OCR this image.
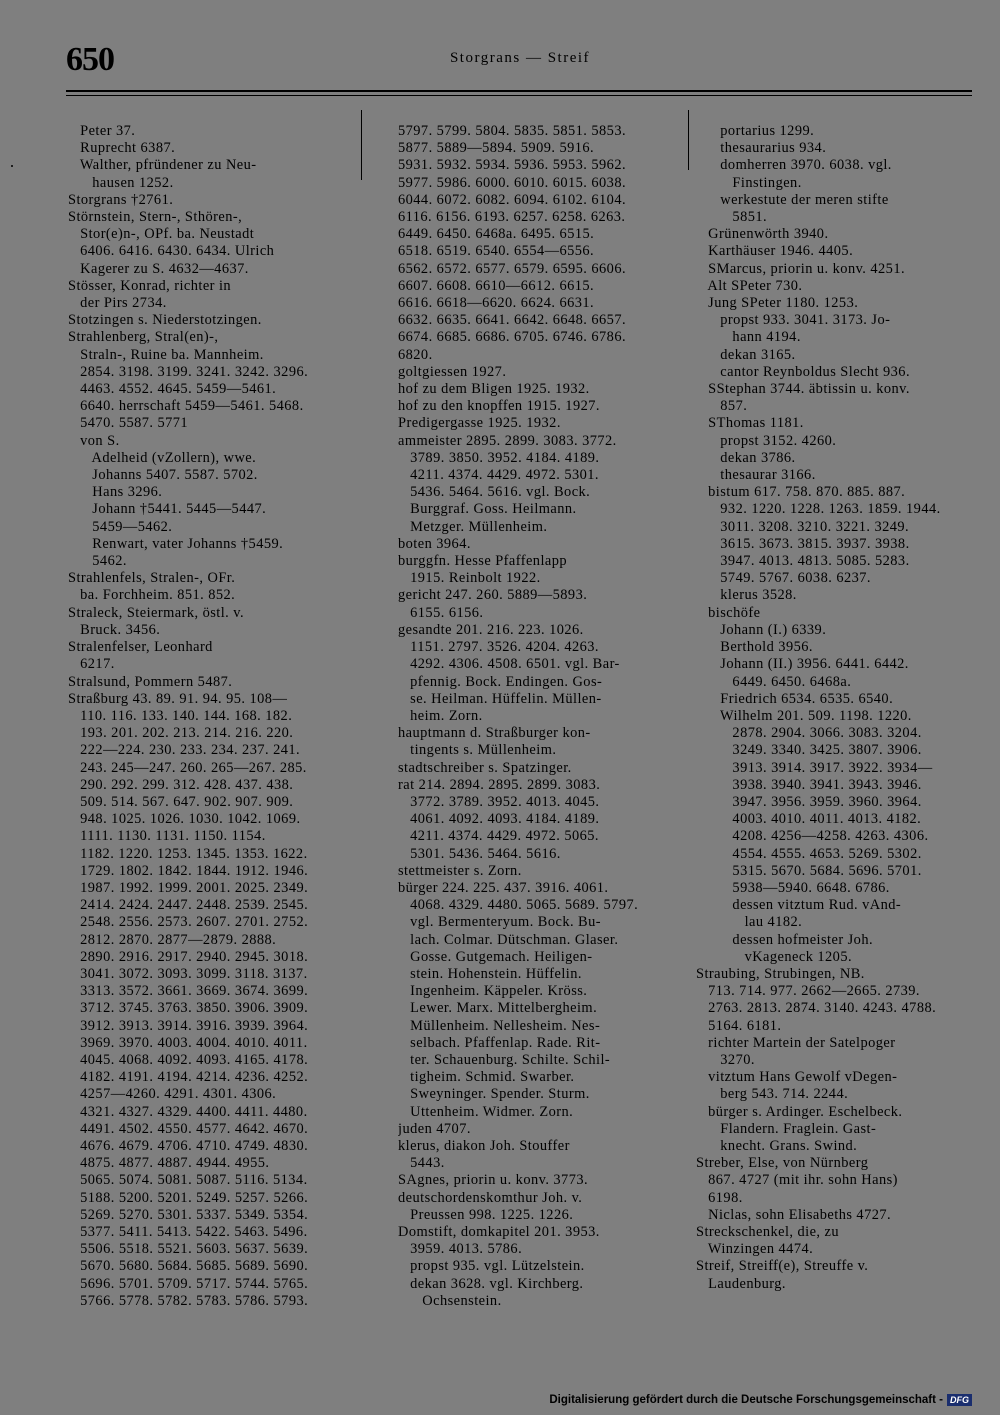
650	Storgrans — Streif
Peter 37.
Ruprecht 6387.
Walther, pfründener zu Neu-
hausen 1252.
Storgrans †2761.
Störnstein, Stern-, Sthören-,
Stor(e)n-, OPf. ba. Neustadt
6406. 6416. 6430. 6434. Ulrich
Kagerer zu S. 4632—4637.
Stösser, Konrad, richter in
der Pirs 2734.
Stotzingen s. Niederstotzingen.
Strahlenberg, Stral(en)-,
Straln-, Ruine ba. Mannheim.
2854. 3198. 3199. 3241. 3242. 3296.
4463. 4552. 4645. 5459—5461.
6640. herrschaft 5459—5461. 5468.
5470. 5587. 5771
von S.
Adelheid (vZollern), wwe.
Johanns 5407. 5587. 5702.
Hans 3296.
Johann †5441. 5445—5447.
5459—5462.
Renwart, vater Johanns †5459.
5462.
Strahlenfels, Stralen-, OFr.
ba. Forchheim. 851. 852.
Straleck, Steiermark, östl. v.
Bruck. 3456.
Stralenfelser, Leonhard
6217.
Stralsund, Pommern 5487.
Straßburg 43. 89. 91. 94. 95. 108—
110. 116. 133. 140. 144. 168. 182.
193. 201. 202. 213. 214. 216. 220.
222—224. 230. 233. 234. 237. 241.
243. 245—247. 260. 265—267. 285.
290. 292. 299. 312. 428. 437. 438.
509. 514. 567. 647. 902. 907. 909.
948. 1025. 1026. 1030. 1042. 1069.
1111. 1130. 1131. 1150. 1154.
1182. 1220. 1253. 1345. 1353. 1622.
1729. 1802. 1842. 1844. 1912. 1946.
1987. 1992. 1999. 2001. 2025. 2349.
2414. 2424. 2447. 2448. 2539. 2545.
2548. 2556. 2573. 2607. 2701. 2752.
2812. 2870. 2877—2879. 2888.
2890. 2916. 2917. 2940. 2945. 3018.
3041. 3072. 3093. 3099. 3118. 3137.
3313. 3572. 3661. 3669. 3674. 3699.
3712. 3745. 3763. 3850. 3906. 3909.
3912. 3913. 3914. 3916. 3939. 3964.
3969. 3970. 4003. 4004. 4010. 4011.
4045. 4068. 4092. 4093. 4165. 4178.
4182. 4191. 4194. 4214. 4236. 4252.
4257—4260. 4291. 4301. 4306.
4321. 4327. 4329. 4400. 4411. 4480.
4491. 4502. 4550. 4577. 4642. 4670.
4676. 4679. 4706. 4710. 4749. 4830.
4875. 4877. 4887. 4944. 4955.
5065. 5074. 5081. 5087. 5116. 5134.
5188. 5200. 5201. 5249. 5257. 5266.
5269. 5270. 5301. 5337. 5349. 5354.
5377. 5411. 5413. 5422. 5463. 5496.
5506. 5518. 5521. 5603. 5637. 5639.
5670. 5680. 5684. 5685. 5689. 5690.
5696. 5701. 5709. 5717. 5744. 5765.
5766. 5778. 5782. 5783. 5786. 5793.
5797. 5799. 5804. 5835. 5851. 5853.
5877. 5889—5894. 5909. 5916.
5931. 5932. 5934. 5936. 5953. 5962.
5977. 5986. 6000. 6010. 6015. 6038.
6044. 6072. 6082. 6094. 6102. 6104.
6116. 6156. 6193. 6257. 6258. 6263.
6449. 6450. 6468a. 6495. 6515.
6518. 6519. 6540. 6554—6556.
6562. 6572. 6577. 6579. 6595. 6606.
6607. 6608. 6610—6612. 6615.
6616. 6618—6620. 6624. 6631.
6632. 6635. 6641. 6642. 6648. 6657.
6674. 6685. 6686. 6705. 6746. 6786.
6820.
goltgiessen 1927.
hof zu dem Bligen 1925. 1932.
hof zu den knopffen 1915. 1927.
Predigergasse 1925. 1932.
ammeister 2895. 2899. 3083. 3772.
3789. 3850. 3952. 4184. 4189.
4211. 4374. 4429. 4972. 5301.
5436. 5464. 5616. vgl. Bock.
Burggraf. Goss. Heilmann.
Metzger. Müllenheim.
boten 3964.
burggfn. Hesse Pfaffenlapp
1915. Reinbolt 1922.
gericht 247. 260. 5889—5893.
6155. 6156.
gesandte 201. 216. 223. 1026.
1151. 2797. 3526. 4204. 4263.
4292. 4306. 4508. 6501. vgl. Bar-
pfennig. Bock. Endingen. Gos-
se. Heilman. Hüffelin. Müllen-
heim. Zorn.
hauptmann d. Straßburger kon-
tingents s. Müllenheim.
stadtschreiber s. Spatzinger.
rat 214. 2894. 2895. 2899. 3083.
3772. 3789. 3952. 4013. 4045.
4061. 4092. 4093. 4184. 4189.
4211. 4374. 4429. 4972. 5065.
5301. 5436. 5464. 5616.
stettmeister s. Zorn.
bürger 224. 225. 437. 3916. 4061.
4068. 4329. 4480. 5065. 5689. 5797.
vgl. Bermenteryum. Bock. Bu-
lach. Colmar. Dütschman. Glaser.
Gosse. Gutgemach. Heiligen-
stein. Hohenstein. Hüffelin.
Ingenheim. Käppeler. Kröss.
Lewer. Marx. Mittelbergheim.
Müllenheim. Nellesheim. Nes-
selbach. Pfaffenlap. Rade. Rit-
ter. Schauenburg. Schilte. Schil-
tigheim. Schmid. Swarber.
Sweyninger. Spender. Sturm.
Uttenheim. Widmer. Zorn.
juden 4707.
klerus, diakon Joh. Stouffer
5443.
SAgnes, priorin u. konv. 3773.
deutschordenskomthur Joh. v.
Preussen 998. 1225. 1226.
Domstift, domkapitel 201. 3953.
3959. 4013. 5786.
propst 935. vgl. Lützelstein.
dekan 3628. vgl. Kirchberg.
Ochsenstein.
portarius 1299.
thesaurarius 934.
domherren 3970. 6038. vgl.
Finstingen.
werkestute der meren stifte
5851.
Grünenwörth 3940.
Karthäuser 1946. 4405.
SMarcus, priorin u. konv. 4251.
Alt SPeter 730.
Jung SPeter 1180. 1253.
propst 933. 3041. 3173. Jo-
hann 4194.
dekan 3165.
cantor Reynboldus Slecht 936.
SStephan 3744. äbtissin u. konv.
857.
SThomas 1181.
propst 3152. 4260.
dekan 3786.
thesaurar 3166.
bistum 617. 758. 870. 885. 887.
932. 1220. 1228. 1263. 1859. 1944.
3011. 3208. 3210. 3221. 3249.
3615. 3673. 3815. 3937. 3938.
3947. 4013. 4813. 5085. 5283.
5749. 5767. 6038. 6237.
klerus 3528.
bischöfe
Johann (I.) 6339.
Berthold 3956.
Johann (II.) 3956. 6441. 6442.
6449. 6450. 6468a.
Friedrich 6534. 6535. 6540.
Wilhelm 201. 509. 1198. 1220.
2878. 2904. 3066. 3083. 3204.
3249. 3340. 3425. 3807. 3906.
3913. 3914. 3917. 3922. 3934—
3938. 3940. 3941. 3943. 3946.
3947. 3956. 3959. 3960. 3964.
4003. 4010. 4011. 4013. 4182.
4208. 4256—4258. 4263. 4306.
4554. 4555. 4653. 5269. 5302.
5315. 5670. 5684. 5696. 5701.
5938—5940. 6648. 6786.
dessen vitztum Rud. vAnd-
lau 4182.
dessen hofmeister Joh.
vKageneck 1205.
Straubing, Strubingen, NB.
713. 714. 977. 2662—2665. 2739.
2763. 2813. 2874. 3140. 4243. 4788.
5164. 6181.
richter Martein der Satelpoger
3270.
vitztum Hans Gewolf vDegen-
berg 543. 714. 2244.
bürger s. Ardinger. Eschelbeck.
Flandern. Fraglein. Gast-
knecht. Grans. Swind.
Streber, Else, von Nürnberg
867. 4727 (mit ihr. sohn Hans)
6198.
Niclas, sohn Elisabeths 4727.
Streckschenkel, die, zu
Winzingen 4474.
Streif, Streiff(e), Streuffe v.
Laudenburg.
Digitalisierung gefördert durch die Deutsche Forschungsgemeinschaft - DFG
